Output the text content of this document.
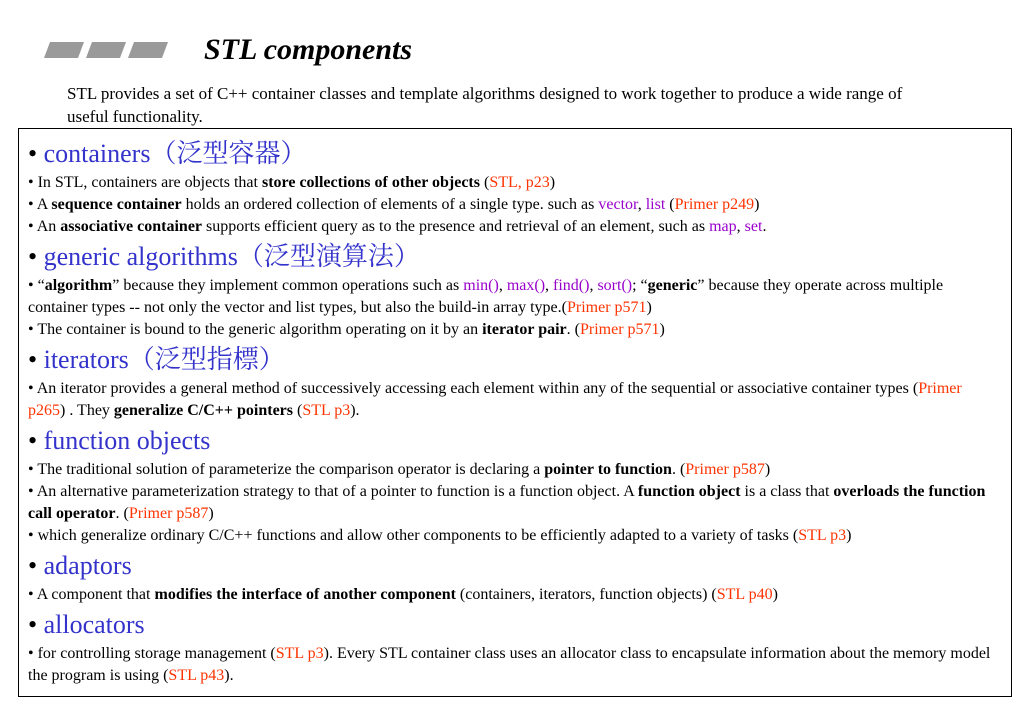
STL components

STL provides a set of C++ container classes and template algorithms designed to work together to produce a wide range of useful functionality.

• containers（泛型容器）

• In STL, containers are objects that store collections of other objects (STL, p23)

• A sequence container holds an ordered collection of elements of a single type. such as vector, list (Primer p249)

• An associative container supports efficient query as to the presence and retrieval of an element, such as map, set.

• generic algorithms（泛型演算法）

• “algorithm” because they implement common operations such as min(), max(), find(), sort(); “generic” because they operate across multiple container types -- not only the vector and list types, but also the build-in array type.(Primer p571)

• The container is bound to the generic algorithm operating on it by an iterator pair. (Primer p571)

• iterators（泛型指標）

• An iterator provides a general method of successively accessing each element within any of the sequential or associative container types (Primer p265) . They generalize C/C++ pointers (STL p3).

• function objects

• The traditional solution of parameterize the comparison operator is declaring a pointer to function. (Primer p587)

• An alternative parameterization strategy to that of a pointer to function is a function object. A function object is a class that overloads the function call operator. (Primer p587)

• which generalize ordinary C/C++ functions and allow other components to be efficiently adapted to a variety of tasks (STL p3)

• adaptors

• A component that modifies the interface of another component (containers, iterators, function objects) (STL p40)

• allocators

• for controlling storage management (STL p3). Every STL container class uses an allocator class to encapsulate information about the memory model the program is using (STL p43).
